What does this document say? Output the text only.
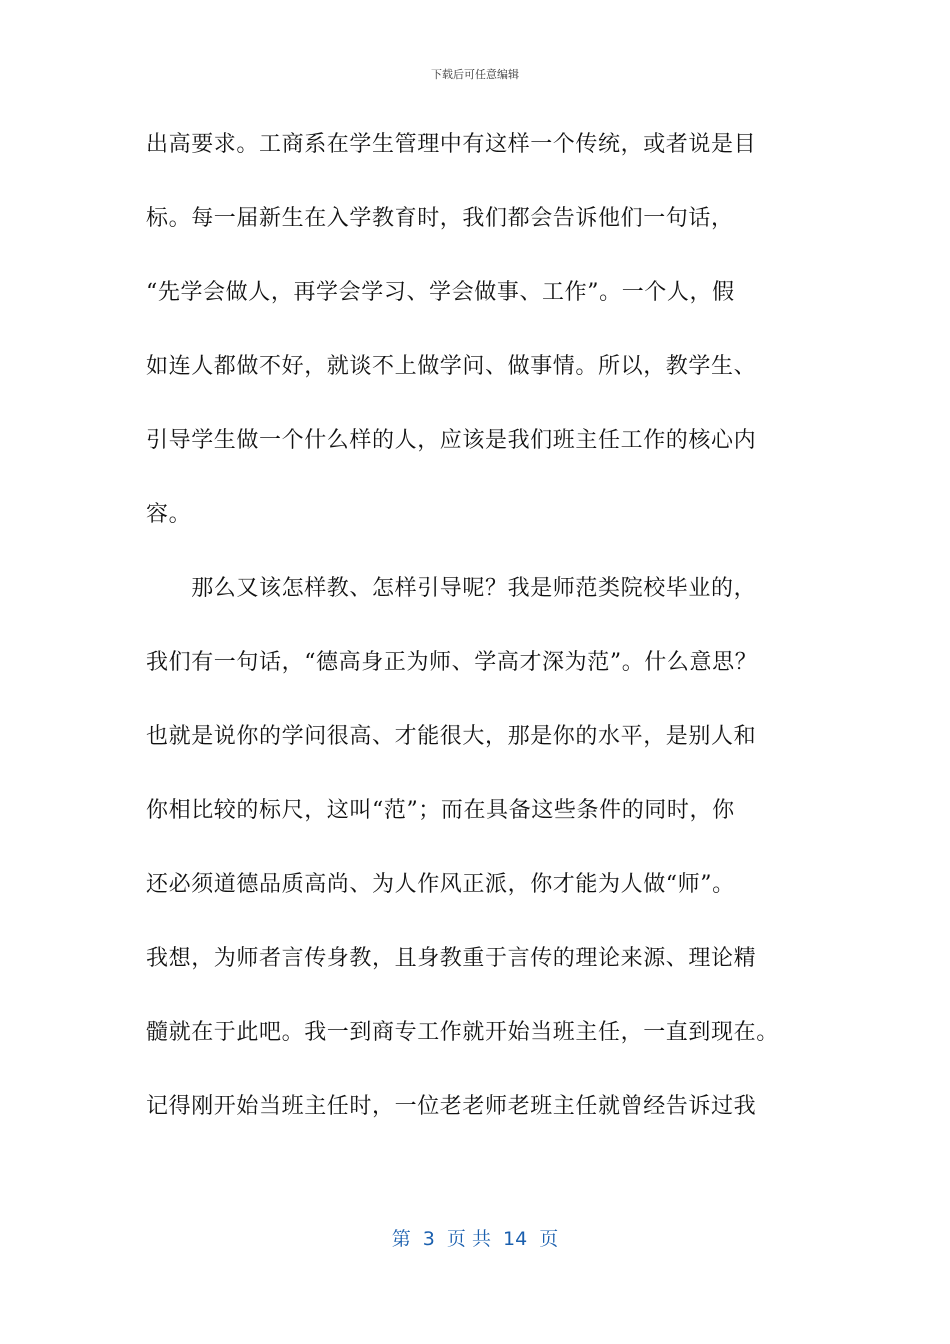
下载后可任意编辑
出高要求。工商系在学生管理中有这样一个传统，或者说是目
标。每一届新生在入学教育时，我们都会告诉他们一句话，
“先学会做人，再学会学习、学会做事、工作”。一个人，假
如连人都做不好，就谈不上做学问、做事情。所以，教学生、
引导学生做一个什么样的人，应该是我们班主任工作的核心内
容。
　　那么又该怎样教、怎样引导呢？我是师范类院校毕业的，
我们有一句话，“德高身正为师、学高才深为范”。什么意思？
也就是说你的学问很高、才能很大，那是你的水平，是别人和
你相比较的标尺，这叫“范”；而在具备这些条件的同时，你
还必须道德品质高尚、为人作风正派，你才能为人做“师”。
我想，为师者言传身教，且身教重于言传的理论来源、理论精
髓就在于此吧。我一到商专工作就开始当班主任，一直到现在。
记得刚开始当班主任时，一位老老师老班主任就曾经告诉过我
第  3  页 共  14  页
